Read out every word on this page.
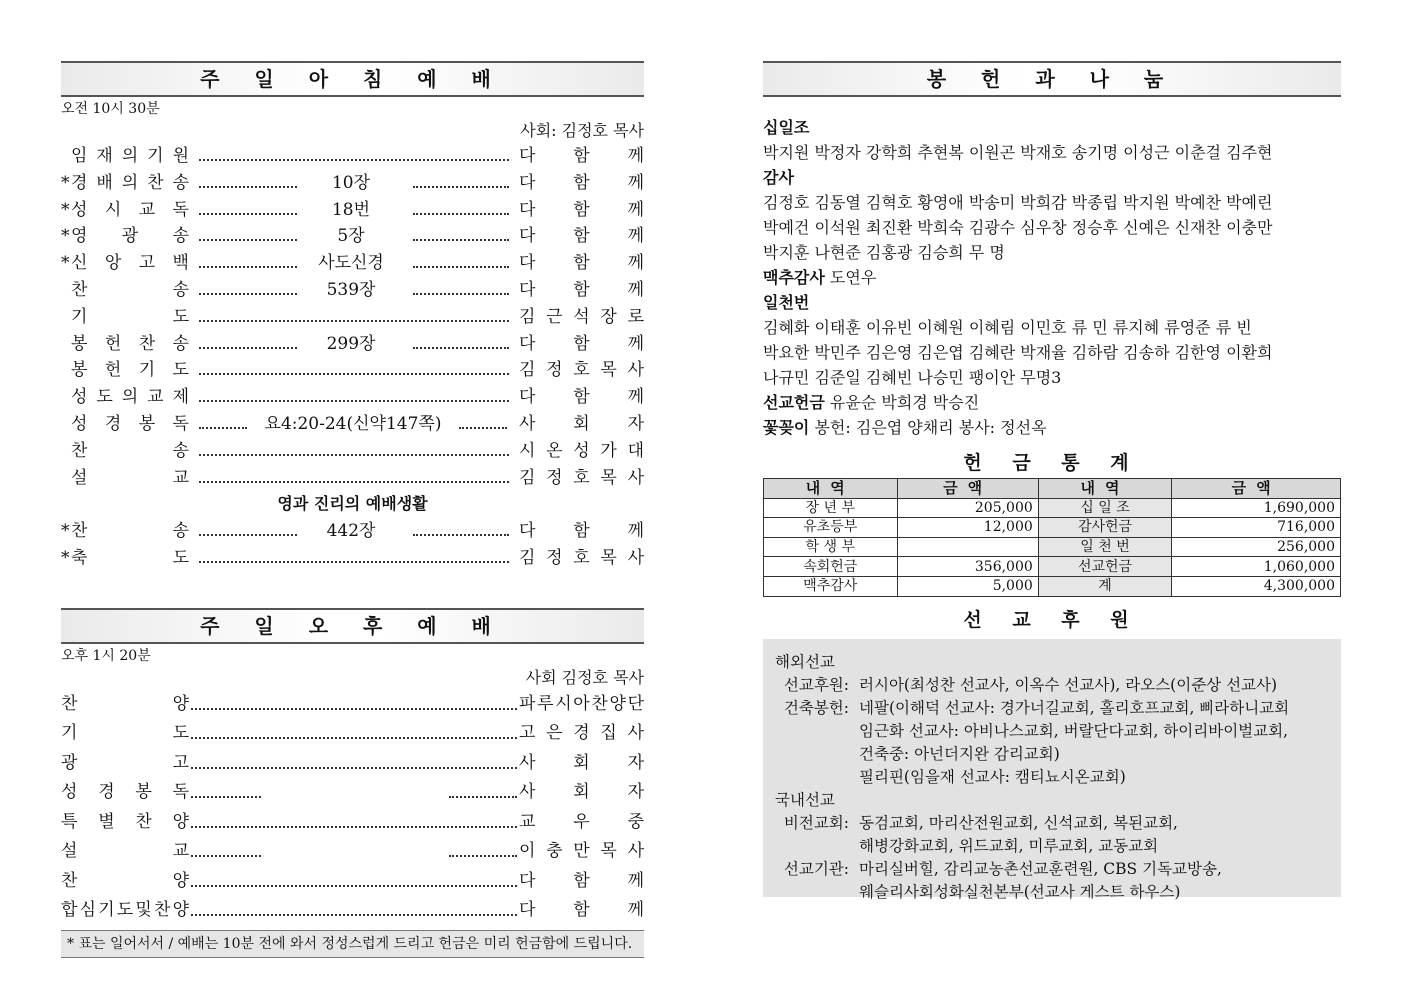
주 일 아 침 예 배
오전 10시 30분
사회: 김정호 목사
임 재 의 기 원	다 함 께
* 경 배 의 찬 송	10장	다 함 께
* 성 시 교 독	18번	다 함 께
* 영 광 송	5장	다 함 께
* 신 앙 고 백	사도신경	다 함 께
찬	송	539장	다 함 께
기	도	김 근 석 장 로
봉 헌 찬 송	299장	다 함 께
봉 헌 기 도	김 정 호 목 사
성 도 의 교 제	다 함 께
성 경 봉 독	요4:20-24(신약147쪽)	사 회 자
찬	송	시 온 성 가 대
설	교	김 정 호 목 사
영과 진리의 예배생활
* 찬	송	442장	다 함 께
* 축	도	김 정 호 목 사
주 일 오 후 예 배
오후 1시 20분
사회 김정호 목사
찬	양	파 루 시 아 찬 양 단
기	도	고 은 경 집 사
광	고	사 회 자
성 경 봉 독	사 회 자
특 별 찬 양	교 우 중
설	교	이 충 만 목 사
찬	양	다 함 께
합 심 기 도 및 찬 양	다 함 께
* 표는 일어서서 / 예배는 10분 전에 와서 정성스럽게 드리고 헌금은 미리 헌금함에 드립니다.
봉 헌 과 나 눔
십일조
박지원 박정자 강학희 추현복 이원곤 박재호 송기명 이성근 이춘걸 김주현
감사
김정호 김동열 김혁호 황영애 박송미 박희감 박종립 박지원 박예찬 박예린
박예건 이석원 최진환 박희숙 김광수 심우창 정승후 신예은 신재찬 이충만
박지훈 나현준 김홍광 김승희 무 명
맥추감사 도연우
일천번
김혜화 이태훈 이유빈 이혜원 이혜림 이민호 류 민 류지혜 류영준 류 빈
박요한 박민주 김은영 김은엽 김혜란 박재율 김하람 김송하 김한영 이환희
나규민 김준일 김혜빈 나승민 팽이안 무명3
선교헌금 유윤순 박희경 박승진
꽃꽂이 봉헌: 김은엽 양채리 봉사: 정선옥
헌 금 통 계
내역	금액	내역	금액
장 년 부	205,000	십 일 조	1,690,000
유초등부	12,000	감사헌금	716,000
학 생 부		일 천 번	256,000
속회헌금	356,000	선교헌금	1,060,000
맥추감사	5,000	계	4,300,000
선 교 후 원
해외선교
선교후원: 러시아(최성찬 선교사, 이옥수 선교사), 라오스(이준상 선교사)
건축봉헌: 네팔(이해덕 선교사: 경가너길교회, 홀리호프교회, 삐라하니교회
임근화 선교사: 아비나스교회, 버랄단다교회, 하이리바이벌교회,
건축중: 아넌더지완 감리교회)
필리핀(임을재 선교사: 캠티뇨시온교회)
국내선교
비전교회: 동검교회, 마리산전원교회, 신석교회, 복된교회,
해병강화교회, 위드교회, 미루교회, 교동교회
선교기관: 마리실버힐, 감리교농촌선교훈련원, CBS 기독교방송,
웨슬리사회성화실천본부(선교사 게스트 하우스)
